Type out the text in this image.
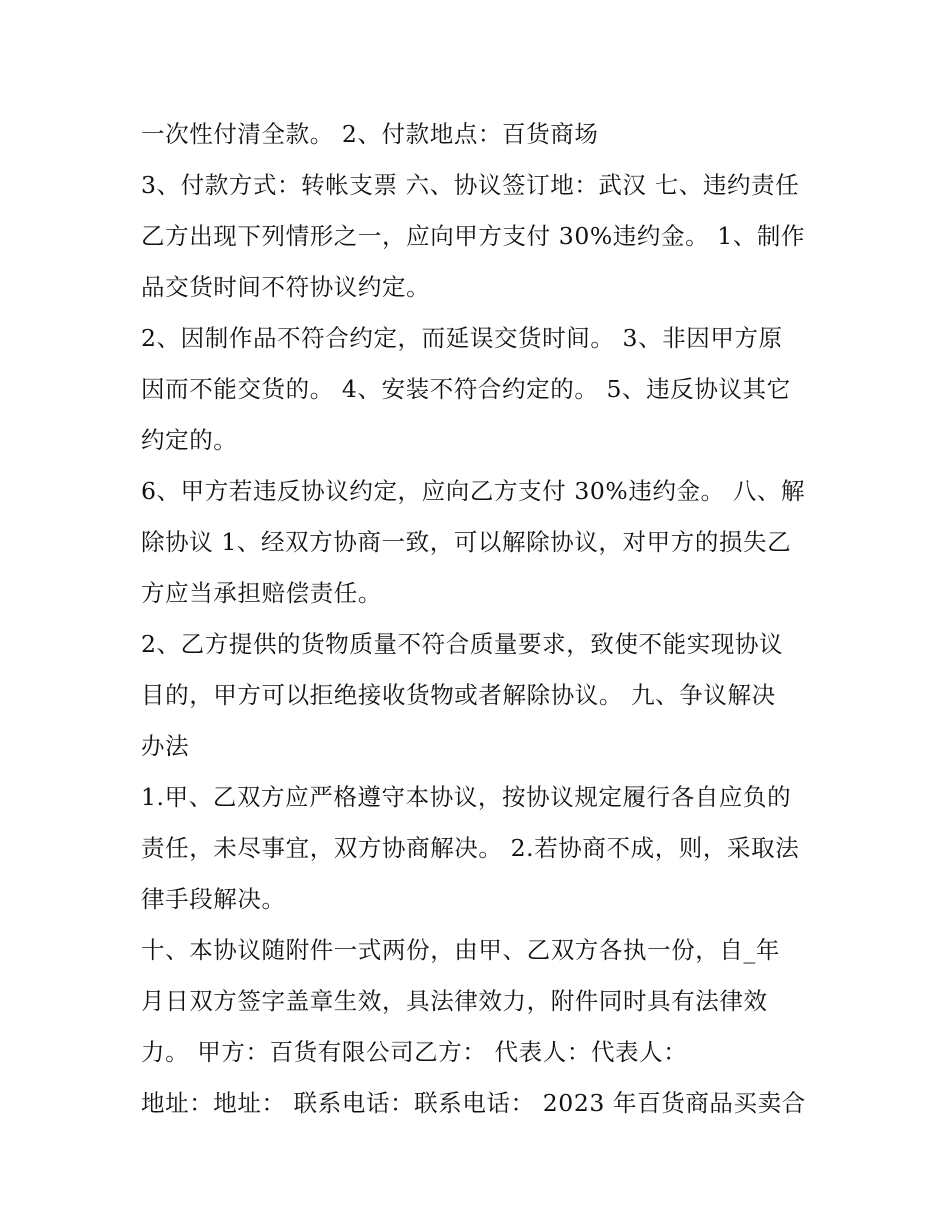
一次性付清全款。 2、付款地点：百货商场
3、付款方式：转帐支票 六、协议签订地：武汉 七、违约责任
乙方出现下列情形之一，应向甲方支付 30%违约金。 1、制作
品交货时间不符协议约定。
2、因制作品不符合约定，而延误交货时间。 3、非因甲方原
因而不能交货的。 4、安装不符合约定的。 5、违反协议其它
约定的。
6、甲方若违反协议约定，应向乙方支付 30%违约金。 八、解
除协议 1、经双方协商一致，可以解除协议，对甲方的损失乙
方应当承担赔偿责任。
2、乙方提供的货物质量不符合质量要求，致使不能实现协议
目的，甲方可以拒绝接收货物或者解除协议。 九、争议解决
办法
1.甲、乙双方应严格遵守本协议，按协议规定履行各自应负的
责任，未尽事宜，双方协商解决。 2.若协商不成，则，采取法
律手段解决。
十、本协议随附件一式两份，由甲、乙双方各执一份，自_年
月日双方签字盖章生效，具法律效力，附件同时具有法律效
力。 甲方：百货有限公司乙方： 代表人：代表人：
地址：地址： 联系电话：联系电话： 2023 年百货商品买卖合
